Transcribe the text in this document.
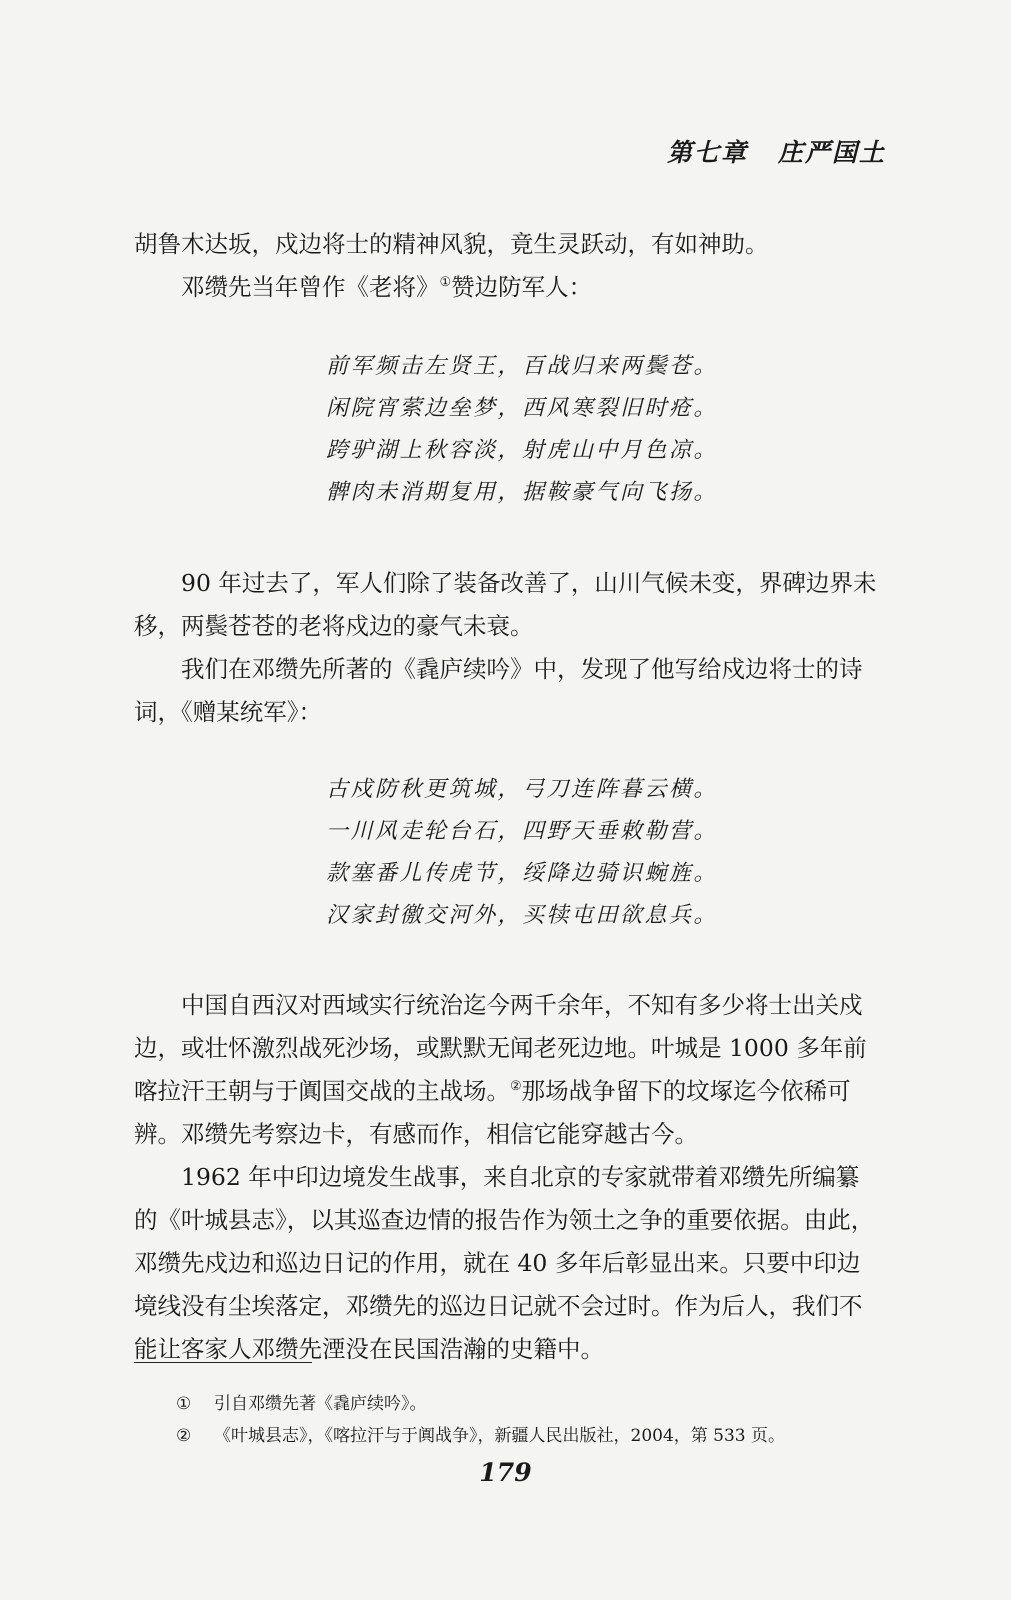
第七章 庄严国土

胡鲁木达坂，戍边将士的精神风貌，竟生灵跃动，有如神助。

邓缵先当年曾作《老将》①赞边防军人：

前军频击左贤王，百战归来两鬓苍。
闲院宵萦边垒梦，西风寒裂旧时疮。
跨驴湖上秋容淡，射虎山中月色凉。
髀肉未消期复用，据鞍豪气向飞扬。

90 年过去了，军人们除了装备改善了，山川气候未变，界碑边界未移，两鬓苍苍的老将戍边的豪气未衰。

我们在邓缵先所著的《毳庐续吟》中，发现了他写给戍边将士的诗词，《赠某统军》：

古戍防秋更筑城，弓刀连阵暮云横。
一川风走轮台石，四野天垂敕勒营。
款塞番儿传虎节，绥降边骑识蜿旌。
汉家封徼交河外，买犊屯田欲息兵。

中国自西汉对西域实行统治迄今两千余年，不知有多少将士出关戍边，或壮怀激烈战死沙场，或默默无闻老死边地。叶城是 1000 多年前喀拉汗王朝与于阗国交战的主战场。②那场战争留下的坟塚迄今依稀可辨。邓缵先考察边卡，有感而作，相信它能穿越古今。

1962 年中印边境发生战事，来自北京的专家就带着邓缵先所编纂的《叶城县志》，以其巡查边情的报告作为领土之争的重要依据。由此，邓缵先戍边和巡边日记的作用，就在 40 多年后彰显出来。只要中印边境线没有尘埃落定，邓缵先的巡边日记就不会过时。作为后人，我们不能让客家人邓缵先湮没在民国浩瀚的史籍中。

① 引自邓缵先著《毳庐续吟》。
② 《叶城县志》，《喀拉汗与于阗战争》，新疆人民出版社，2004，第 533 页。
179
